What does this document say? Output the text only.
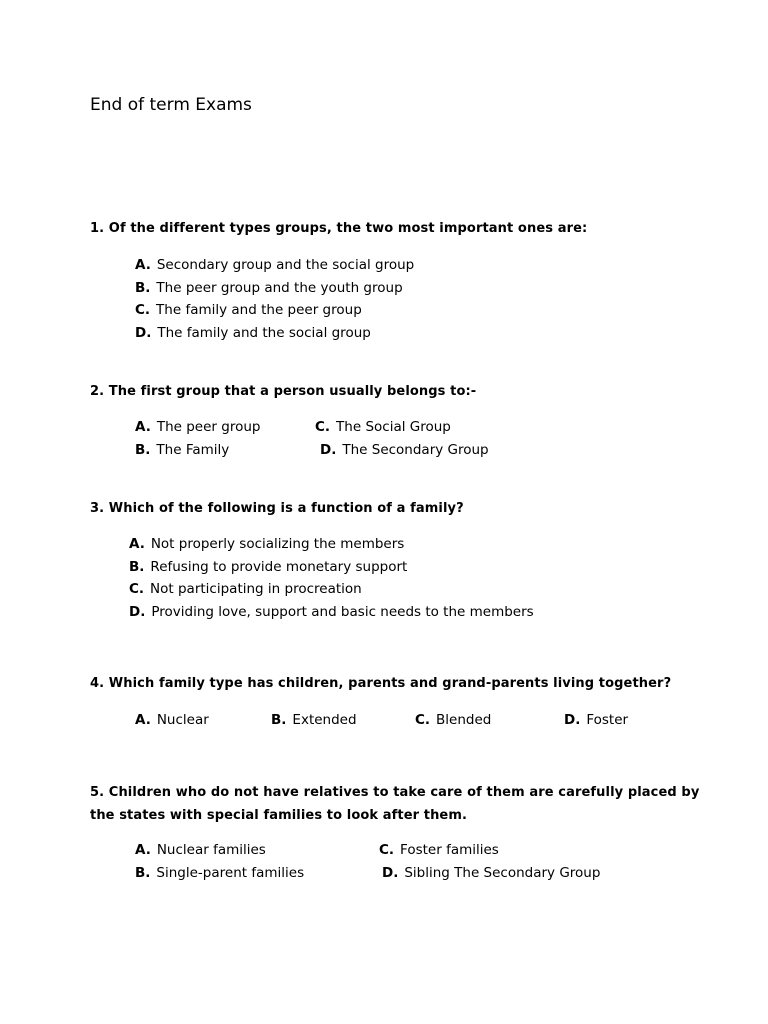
End of term Exams
1. Of the different types groups, the two most important ones are:
A. Secondary group and the social group
B. The peer group and the youth group
C. The family and the peer group
D. The family and the social group
2. The first group that a person usually belongs to:-
A. The peer group	C. The Social Group
B. The Family	D. The Secondary Group
3. Which of the following is a function of a family?
A. Not properly socializing the members
B. Refusing to provide monetary support
C. Not participating in procreation
D. Providing love, support and basic needs to the members
4. Which family type has children, parents and grand-parents living together?
A. Nuclear	B. Extended	C. Blended	D. Foster
5. Children who do not have relatives to take care of them are carefully placed by the states with special families to look after them.
A. Nuclear families	C. Foster families
B. Single-parent families	D. Sibling The Secondary Group
